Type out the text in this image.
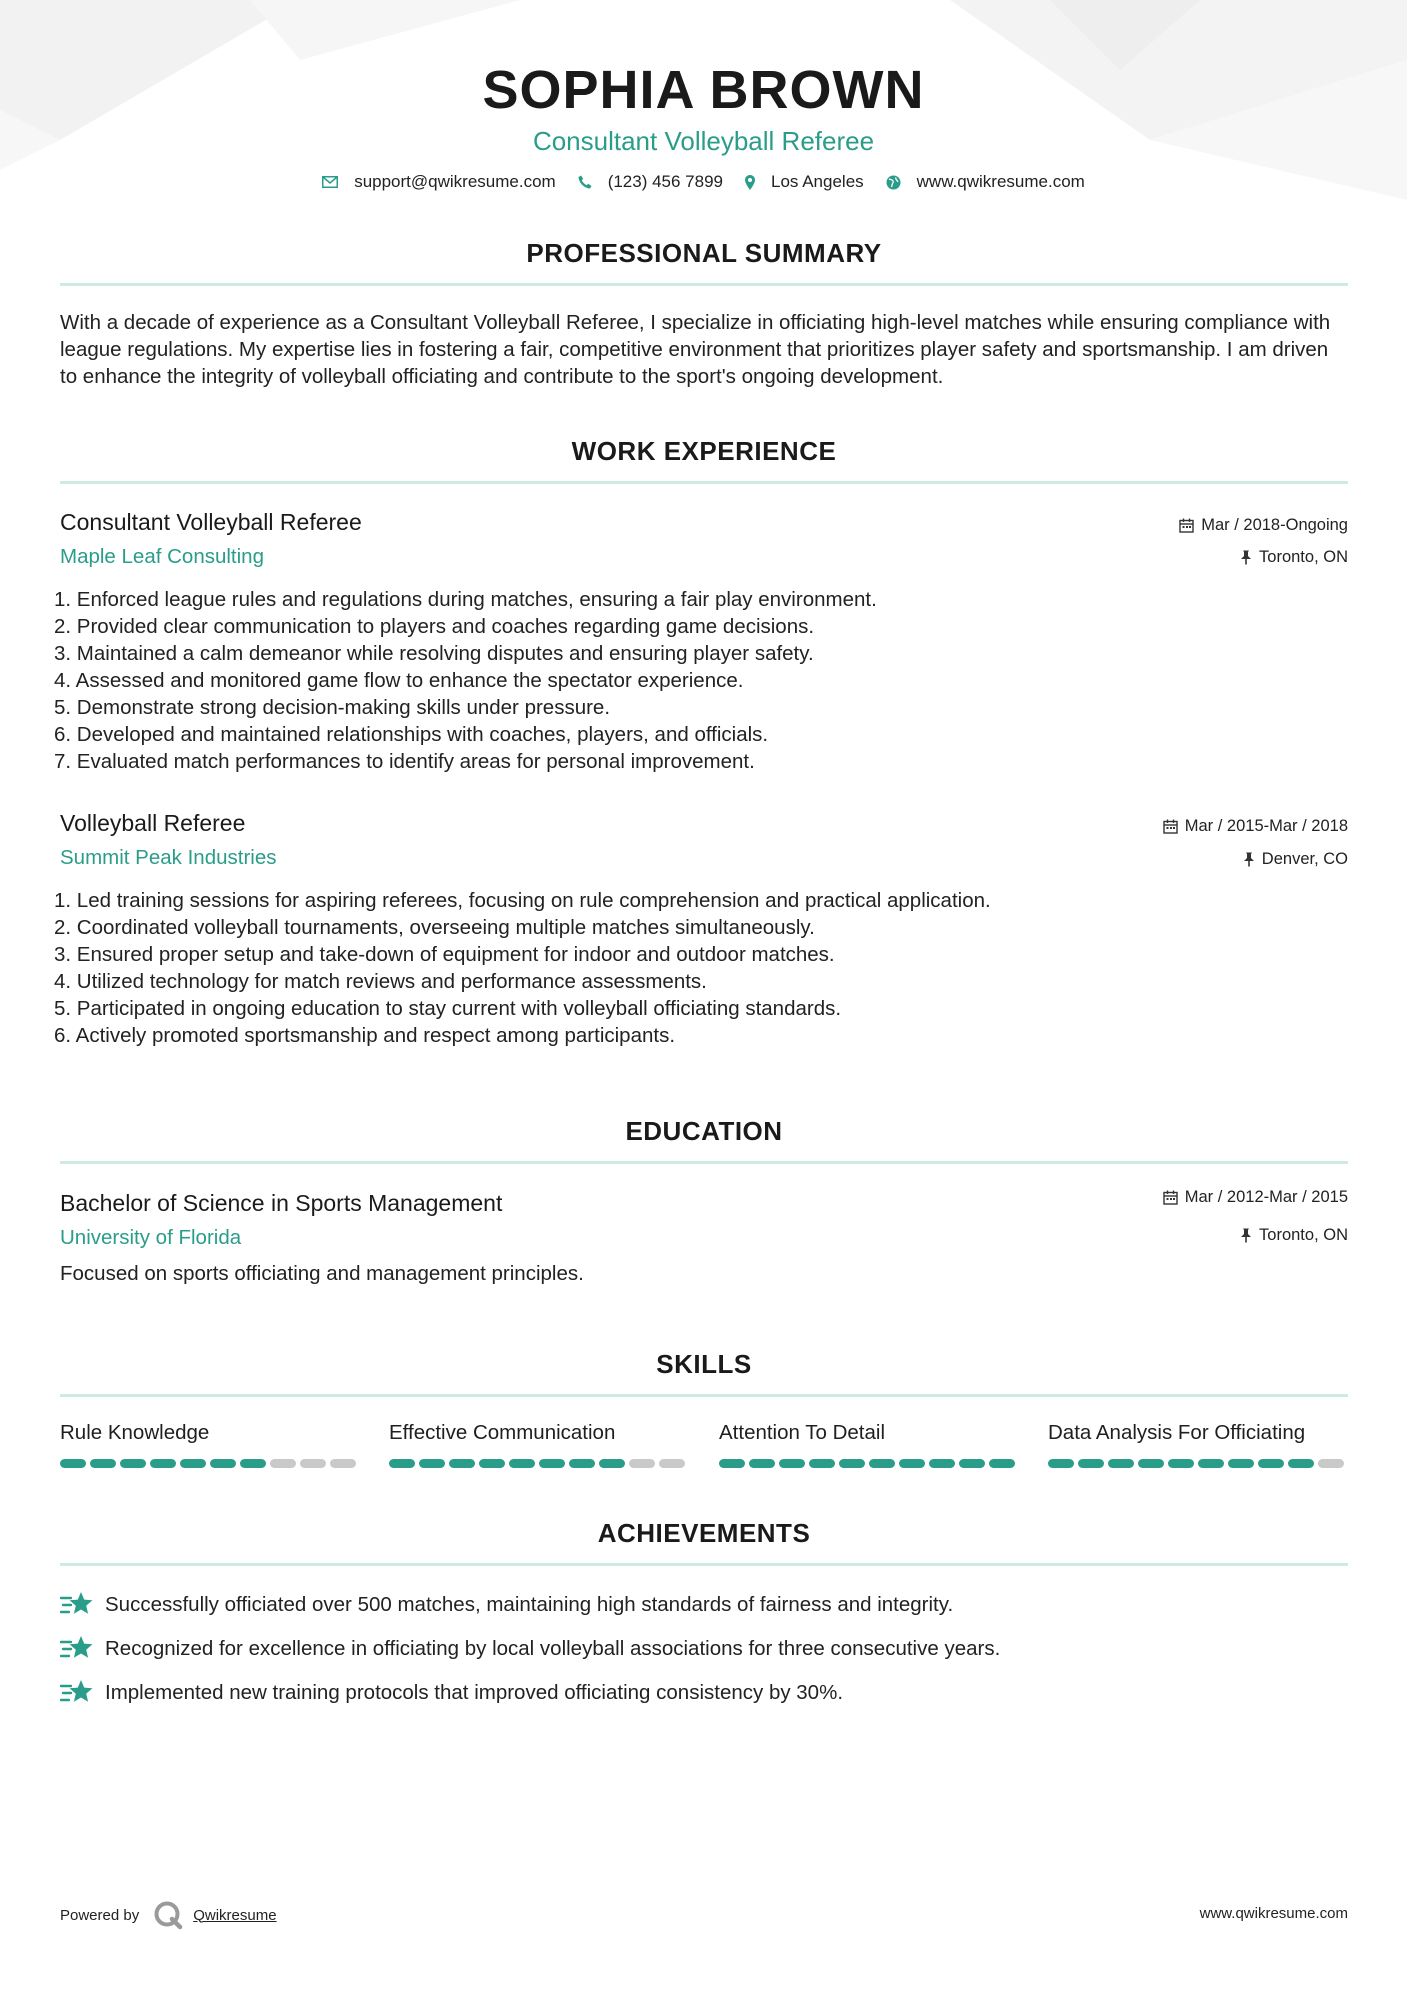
SOPHIA BROWN
Consultant Volleyball Referee
support@qwikresume.com	(123) 456 7899	Los Angeles	www.qwikresume.com
PROFESSIONAL SUMMARY
With a decade of experience as a Consultant Volleyball Referee, I specialize in officiating high-level matches while ensuring compliance with league regulations. My expertise lies in fostering a fair, competitive environment that prioritizes player safety and sportsmanship. I am driven to enhance the integrity of volleyball officiating and contribute to the sport's ongoing development.
WORK EXPERIENCE
Consultant Volleyball Referee
Maple Leaf Consulting
Mar / 2018-Ongoing
Toronto, ON
1. Enforced league rules and regulations during matches, ensuring a fair play environment.
2. Provided clear communication to players and coaches regarding game decisions.
3. Maintained a calm demeanor while resolving disputes and ensuring player safety.
4. Assessed and monitored game flow to enhance the spectator experience.
5. Demonstrate strong decision-making skills under pressure.
6. Developed and maintained relationships with coaches, players, and officials.
7. Evaluated match performances to identify areas for personal improvement.
Volleyball Referee
Summit Peak Industries
Mar / 2015-Mar / 2018
Denver, CO
1. Led training sessions for aspiring referees, focusing on rule comprehension and practical application.
2. Coordinated volleyball tournaments, overseeing multiple matches simultaneously.
3. Ensured proper setup and take-down of equipment for indoor and outdoor matches.
4. Utilized technology for match reviews and performance assessments.
5. Participated in ongoing education to stay current with volleyball officiating standards.
6. Actively promoted sportsmanship and respect among participants.
EDUCATION
Bachelor of Science in Sports Management
University of Florida
Mar / 2012-Mar / 2015
Toronto, ON
Focused on sports officiating and management principles.
SKILLS
Rule Knowledge	Effective Communication	Attention To Detail	Data Analysis For Officiating
ACHIEVEMENTS
Successfully officiated over 500 matches, maintaining high standards of fairness and integrity.
Recognized for excellence in officiating by local volleyball associations for three consecutive years.
Implemented new training protocols that improved officiating consistency by 30%.
Powered by	Qwikresume	www.qwikresume.com
